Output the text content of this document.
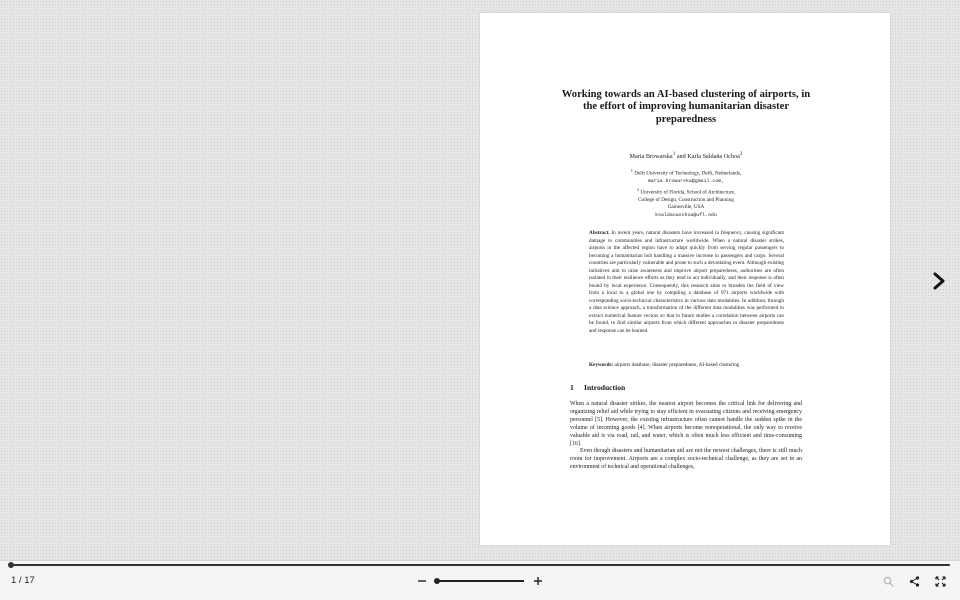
Working towards an AI-based clustering of airports, in the effort of improving humanitarian disaster preparedness
Maria Browarska$^1$ and Karla Saldaña Ochoa$^2$
$^1$ Delft University of Technology, Delft, Netherlands,
maria.browarska@gmail.com,
$^2$ University of Florida, School of Architecture,
College of Design, Construction and Planning
Gainesville, USA
ksaldanaochoa@ufl.edu
Abstract. In recent years, natural disasters have increased in frequency, causing significant damage to communities and infrastructure worldwide. When a natural disaster strikes, airports in the affected region have to adapt quickly from serving regular passengers to becoming a humanitarian hub handling a massive increase in passengers and cargo. Several countries are particularly vulnerable and prone to such a devastating event. Although existing initiatives aim to raise awareness and improve airport preparedness, authorities are often isolated in their resilience efforts as they tend to act individually, and their response is often bound by local experience. Consequently, this research aims to broaden the field of view from a local to a global one by compiling a database of 971 airports worldwide with corresponding socio-technical characteristics in various data modalities. In addition, through a data science approach, a transformation of the different data modalities was performed to extract numerical feature vectors so that in future studies a correlation between airports can be found, to find similar airports from which different approaches to disaster preparedness and response can be learned.
Keywords: airports database, disaster preparedness, AI-based clustering
1 Introduction

When a natural disaster strikes, the nearest airport becomes the critical link for delivering and organizing relief aid while trying to stay efficient in evacuating citizens and receiving emergency personnel [5]. However, the existing infrastructure often cannot handle the sudden spike in the volume of incoming goods [4]. When airports become nonoperational, the only way to receive valuable aid is via road, rail, and water, which is often much less efficient and time-consuming [16].

Even though disasters and humanitarian aid are not the newest challenges, there is still much room for improvement. Airports are a complex socio-technical challenge, as they are set in an environment of technical and operational challenges,

1 / 17
